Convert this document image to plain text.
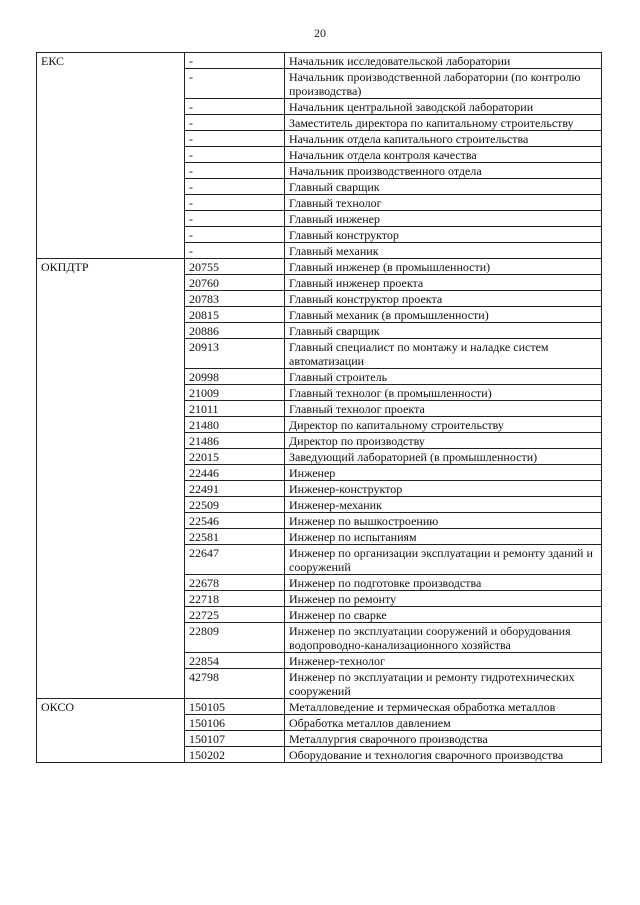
20
ЕКС	-	Начальник исследовательской лаборатории
	-	Начальник производственной лаборатории (по контролю производства)
	-	Начальник центральной заводской лаборатории
	-	Заместитель директора по капитальному строительству
	-	Начальник отдела капитального строительства
	-	Начальник отдела контроля качества
	-	Начальник производственного отдела
	-	Главный сварщик
	-	Главный технолог
	-	Главный инженер
	-	Главный конструктор
	-	Главный механик
ОКПДТР	20755	Главный инженер (в промышленности)
	20760	Главный инженер проекта
	20783	Главный конструктор проекта
	20815	Главный механик (в промышленности)
	20886	Главный сварщик
	20913	Главный специалист по монтажу и наладке систем автоматизации
	20998	Главный строитель
	21009	Главный технолог (в промышленности)
	21011	Главный технолог проекта
	21480	Директор по капитальному строительству
	21486	Директор по производству
	22015	Заведующий лабораторией (в промышленности)
	22446	Инженер
	22491	Инженер-конструктор
	22509	Инженер-механик
	22546	Инженер по вышкостроению
	22581	Инженер по испытаниям
	22647	Инженер по организации эксплуатации и ремонту зданий и сооружений
	22678	Инженер по подготовке производства
	22718	Инженер по ремонту
	22725	Инженер по сварке
	22809	Инженер по эксплуатации сооружений и оборудования водопроводно-канализационного хозяйства
	22854	Инженер-технолог
	42798	Инженер по эксплуатации и ремонту гидротехнических сооружений
ОКСО	150105	Металловедение и термическая обработка металлов
	150106	Обработка металлов давлением
	150107	Металлургия сварочного производства
	150202	Оборудование и технология сварочного производства
